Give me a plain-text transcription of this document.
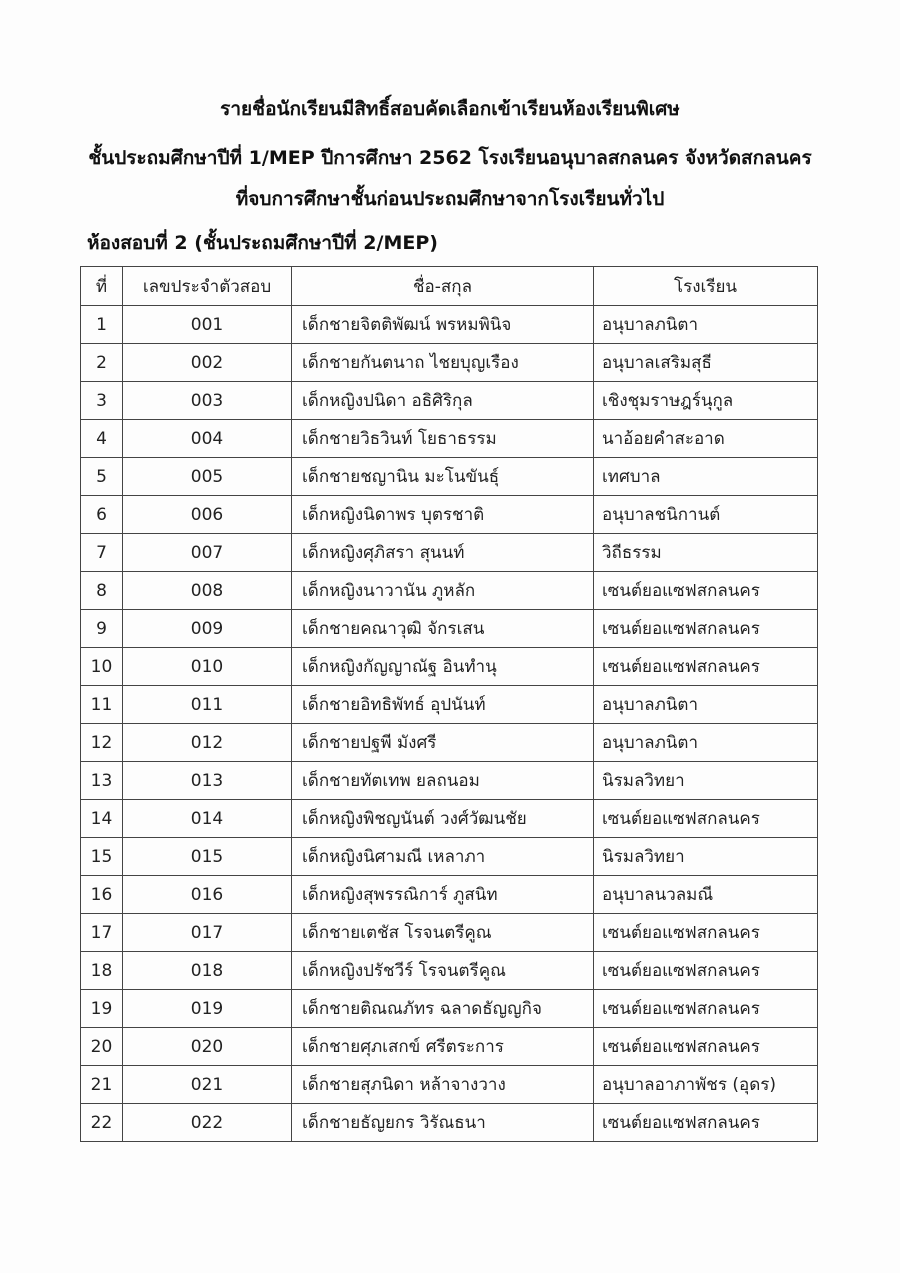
รายชื่อนักเรียนมีสิทธิ์สอบคัดเลือกเข้าเรียนห้องเรียนพิเศษ
ชั้นประถมศึกษาปีที่ 1/MEP ปีการศึกษา 2562 โรงเรียนอนุบาลสกลนคร จังหวัดสกลนคร
ที่จบการศึกษาชั้นก่อนประถมศึกษาจากโรงเรียนทั่วไป
ห้องสอบที่ 2 (ชั้นประถมศึกษาปีที่ 2/MEP)
ที่	เลขประจำตัวสอบ	ชื่อ-สกุล	โรงเรียน
1	001	เด็กชายจิตติพัฒน์ พรหมพินิจ	อนุบาลภนิตา
2	002	เด็กชายกันตนาถ ไชยบุญเรือง	อนุบาลเสริมสุธี
3	003	เด็กหญิงปนิดา อธิศิริกุล	เชิงชุมราษฎร์นุกูล
4	004	เด็กชายวิธวินท์ โยธาธรรม	นาอ้อยคำสะอาด
5	005	เด็กชายชญานิน มะโนขันธุ์	เทศบาล
6	006	เด็กหญิงนิดาพร บุตรชาติ	อนุบาลชนิกานต์
7	007	เด็กหญิงศุภิสรา สุนนท์	วิถีธรรม
8	008	เด็กหญิงนาวานัน ภูหลัก	เซนต์ยอแซฟสกลนคร
9	009	เด็กชายคณาวุฒิ จักรเสน	เซนต์ยอแซฟสกลนคร
10	010	เด็กหญิงกัญญาณัฐ อินทำนุ	เซนต์ยอแซฟสกลนคร
11	011	เด็กชายอิทธิพัทธ์ อุปนันท์	อนุบาลภนิตา
12	012	เด็กชายปฐพี มังศรี	อนุบาลภนิตา
13	013	เด็กชายทัตเทพ ยลถนอม	นิรมลวิทยา
14	014	เด็กหญิงพิชญนันต์ วงศ์วัฒนชัย	เซนต์ยอแซฟสกลนคร
15	015	เด็กหญิงนิศามณี เหลาภา	นิรมลวิทยา
16	016	เด็กหญิงสุพรรณิการ์ ภูสนิท	อนุบาลนวลมณี
17	017	เด็กชายเตชัส โรจนตรีคูณ	เซนต์ยอแซฟสกลนคร
18	018	เด็กหญิงปรัชวีร์ โรจนตรีคูณ	เซนต์ยอแซฟสกลนคร
19	019	เด็กชายติณณภัทร ฉลาดธัญญกิจ	เซนต์ยอแซฟสกลนคร
20	020	เด็กชายศุภเสกข์ ศรีตระการ	เซนต์ยอแซฟสกลนคร
21	021	เด็กชายสุภนิดา หล้าจางวาง	อนุบาลอาภาพัชร (อุดร)
22	022	เด็กชายธัญยกร วิรัณธนา	เซนต์ยอแซฟสกลนคร
